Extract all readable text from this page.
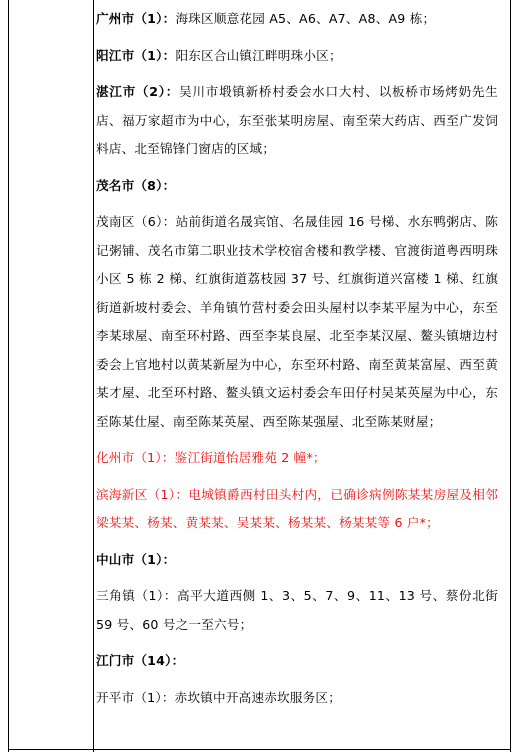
广州市（1）：海珠区顺意花园 A5、A6、A7、A8、A9 栋；

阳江市（1）：阳东区合山镇江畔明珠小区；

湛江市（2）：吴川市塅镇新桥村委会水口大村、以板桥市场烤奶先生店、福万家超市为中心，东至张某明房屋、南至荣大药店、西至广发饲料店、北至锦锋门窗店的区域；

茂名市（8）：

茂南区（6）：站前街道名晟宾馆、名晟佳园 16 号梯、水东鸭粥店、陈记粥铺、茂名市第二职业技术学校宿舍楼和教学楼、官渡街道粤西明珠小区 5 栋 2 梯、红旗街道荔枝园 37 号、红旗街道兴富楼 1 梯、红旗街道新坡村委会、羊角镇竹营村委会田头屋村以李某平屋为中心，东至李某球屋、南至环村路、西至李某良屋、北至李某汉屋、鳌头镇塘边村委会上官地村以黄某新屋为中心，东至环村路、南至黄某富屋、西至黄某才屋、北至环村路、鳌头镇文运村委会车田仔村吴某英屋为中心，东至陈某仕屋、南至陈某英屋、西至陈某强屋、北至陈某财屋；

化州市（1）：鉴江街道怡居雅苑 2 幢*；

滨海新区（1）：电城镇爵西村田头村内，已确诊病例陈某某房屋及相邻梁某某、杨某、黄某某、吴某某、杨某某、杨某某等 6 户*；

中山市（1）：

三角镇（1）：高平大道西侧 1、3、5、7、9、11、13 号、蔡份北街 59 号、60 号之一至六号；

江门市（14）：

开平市（1）：赤坎镇中开高速赤坎服务区；
